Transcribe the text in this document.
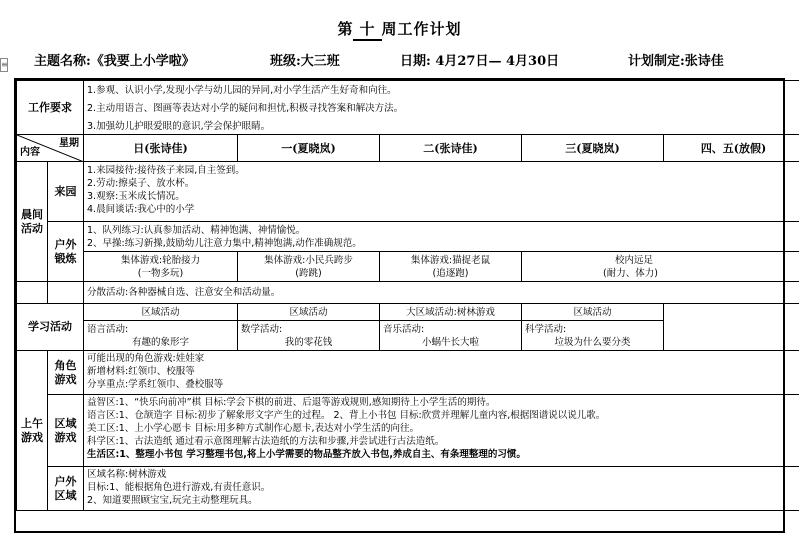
第 十 周工作计划
≡ 主题名称:《我要上小学啦》	班级:大三班	日期: 4月27日— 4月30日	计划制定:张诗佳
工作要求		1.参观、认识小学,发现小学与幼儿园的异同,对小学生活产生好奇和向往。
2.主动用语言、图画等表达对小学的疑问和担忧,积极寻找答案和解决方法。
3.加强幼儿护眼爱眼的意识,学会保护眼睛。				

星期
内容		日(张诗佳)	一(夏晓岚)	二(张诗佳)	三(夏晓岚)	四、五(放假)
晨间活动	来园	1.来园接待:接待孩子来园,自主签到。
2.劳动:擦桌子、放水杯。
3.观察:玉米成长情况。
4.晨间谈话:我心中的小学				

	户外锻炼	1、队列练习:认真参加活动、精神饱满、神情愉悦。
2、早操:练习新操,鼓励幼儿注意力集中,精神饱满,动作准确规范。				

		集体游戏:轮胎接力
(一物多玩)	集体游戏:小民兵跨步
(跨跳)	集体游戏:猫捉老鼠
(追逐跑)	校内远足
(耐力、体力)	

		分散活动:各种器械自选、注意安全和活动量。				
学习活动		区域活动	区域活动	大区域活动:树林游戏	区域活动	

		语言活动:
有趣的象形字	数学活动:
我的零花钱	音乐活动:
小蜗牛长大啦	科学活动:
垃圾为什么要分类	

上午游戏	角色游戏	可能出现的角色游戏:娃娃家
新增材料:红领巾、校服等
分享重点:学系红领巾、叠校服等				

	区域游戏	益智区:1、“快乐向前冲”棋 目标:学会下棋的前进、后退等游戏规则,感知期待上小学生活的期待。
语言区:1、仓颉造字 目标:初步了解象形文字产生的过程。 2、背上小书包 目标:欣赏并理解儿童内容,根据图谱说以说儿歌。
美工区:1、上小学心愿卡 目标:用多种方式制作心愿卡,表达对小学生活的向往。
科学区:1、古法造纸 通过看示意图理解古法造纸的方法和步骤,并尝试进行古法造纸。
生活区:1、整理小书包 学习整理书包,将上小学需要的物品整齐放入书包,养成自主、有条理整理的习惯。				

	户外区域	区域名称:树林游戏
目标:1、能根据角色进行游戏,有责任意识。
2、知道要照顾宝宝,玩完主动整理玩具。				
